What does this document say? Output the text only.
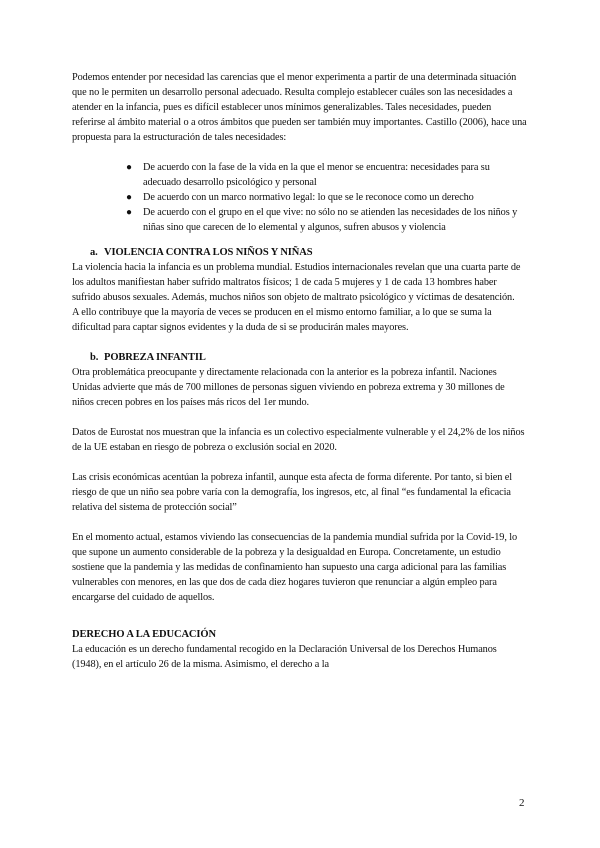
Podemos entender por necesidad las carencias que el menor experimenta a partir de una determinada situación que no le permiten un desarrollo personal adecuado. Resulta complejo establecer cuáles son las necesidades a atender en la infancia, pues es difícil establecer unos mínimos generalizables. Tales necesidades, pueden referirse al ámbito material o a otros ámbitos que pueden ser también muy importantes. Castillo (2006), hace una propuesta para la estructuración de tales necesidades:

● De acuerdo con la fase de la vida en la que el menor se encuentra: necesidades para su adecuado desarrollo psicológico y personal
● De acuerdo con un marco normativo legal: lo que se le reconoce como un derecho
● De acuerdo con el grupo en el que vive: no sólo no se atienden las necesidades de los niños y niñas sino que carecen de lo elemental y algunos, sufren abusos y violencia
a. VIOLENCIA CONTRA LOS NIÑOS Y NIÑAS

La violencia hacia la infancia es un problema mundial. Estudios internacionales revelan que una cuarta parte de los adultos manifiestan haber sufrido maltratos físicos; 1 de cada 5 mujeres y 1 de cada 13 hombres haber sufrido abusos sexuales. Además, muchos niños son objeto de maltrato psicológico y víctimas de desatención.

A ello contribuye que la mayoría de veces se producen en el mismo entorno familiar, a lo que se suma la dificultad para captar signos evidentes y la duda de si se producirán males mayores.

b. POBREZA INFANTIL

Otra problemática preocupante y directamente relacionada con la anterior es la pobreza infantil. Naciones Unidas advierte que más de 700 millones de personas siguen viviendo en pobreza extrema y 30 millones de niños crecen pobres en los países más ricos del 1er mundo.

Datos de Eurostat nos muestran que la infancia es un colectivo especialmente vulnerable y el 24,2% de los niños de la UE estaban en riesgo de pobreza o exclusión social en 2020.

Las crisis económicas acentúan la pobreza infantil, aunque esta afecta de forma diferente. Por tanto, si bien el riesgo de que un niño sea pobre varía con la demografía, los ingresos, etc, al final “es fundamental la eficacia relativa del sistema de protección social”

En el momento actual, estamos viviendo las consecuencias de la pandemia mundial sufrida por la Covid-19, lo que supone un aumento considerable de la pobreza y la desigualdad en Europa. Concretamente, un estudio sostiene que la pandemia y las medidas de confinamiento han supuesto una carga adicional para las familias vulnerables con menores, en las que dos de cada diez hogares tuvieron que renunciar a algún empleo para encargarse del cuidado de aquellos.

DERECHO A LA EDUCACIÓN

La educación es un derecho fundamental recogido en la Declaración Universal de los Derechos Humanos (1948), en el artículo 26 de la misma. Asimismo, el derecho a la

2
